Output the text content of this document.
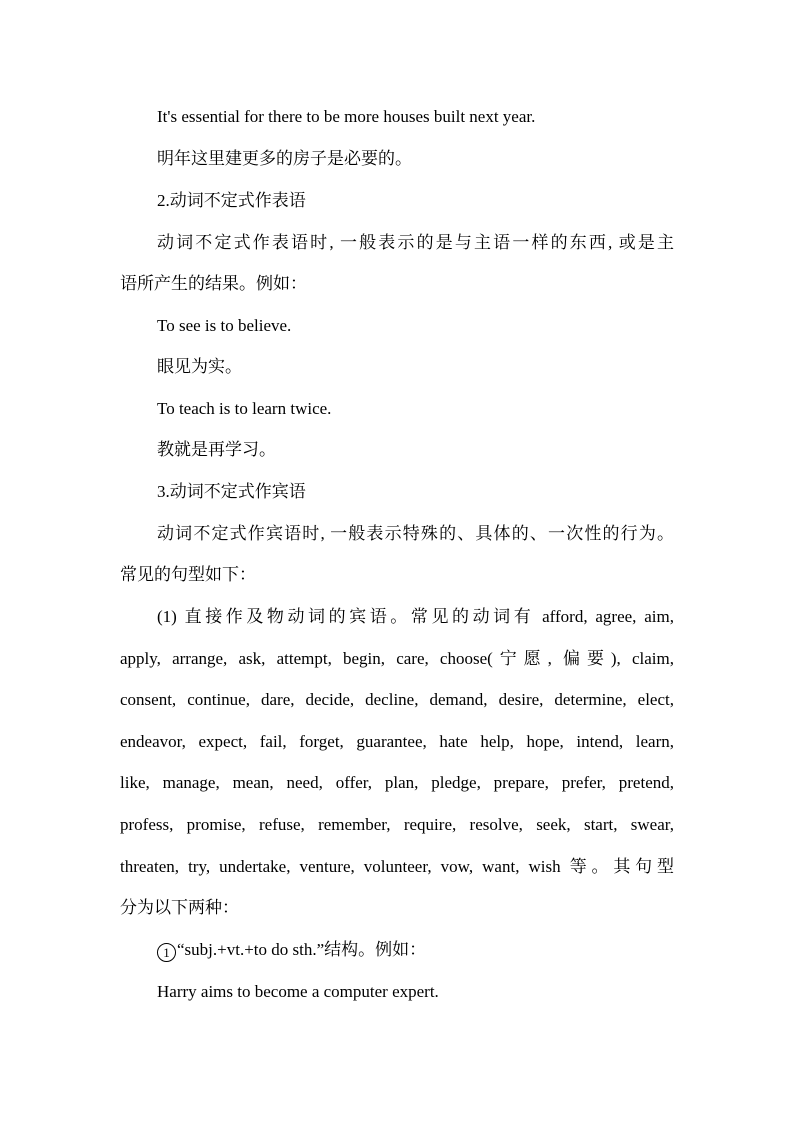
It's essential for there to be more houses built next year.
明年这里建更多的房子是必要的。
2.动词不定式作表语
动词不定式作表语时, 一般表示的是与主语一样的东西, 或是主
语所产生的结果。例如：
To see is to believe.
眼见为实。
To teach is to learn twice.
教就是再学习。
3.动词不定式作宾语
动词不定式作宾语时, 一般表示特殊的、具体的、一次性的行为。
常见的句型如下：
(1) 直接作及物动词的宾语。常见的动词有 afford, agree, aim,
apply, arrange, ask, attempt, begin, care, choose(宁愿, 偏要), claim,
consent, continue, dare, decide, decline, demand, desire, determine, elect,
endeavor, expect, fail, forget, guarantee, hate help, hope, intend, learn,
like, manage, mean, need, offer, plan, pledge, prepare, prefer, pretend,
profess, promise, refuse, remember, require, resolve, seek, start, swear,
threaten, try, undertake, venture, volunteer, vow, want, wish 等。其句型
分为以下两种：
1 “subj.+vt.+to do sth.”结构。例如：
Harry aims to become a computer expert.
